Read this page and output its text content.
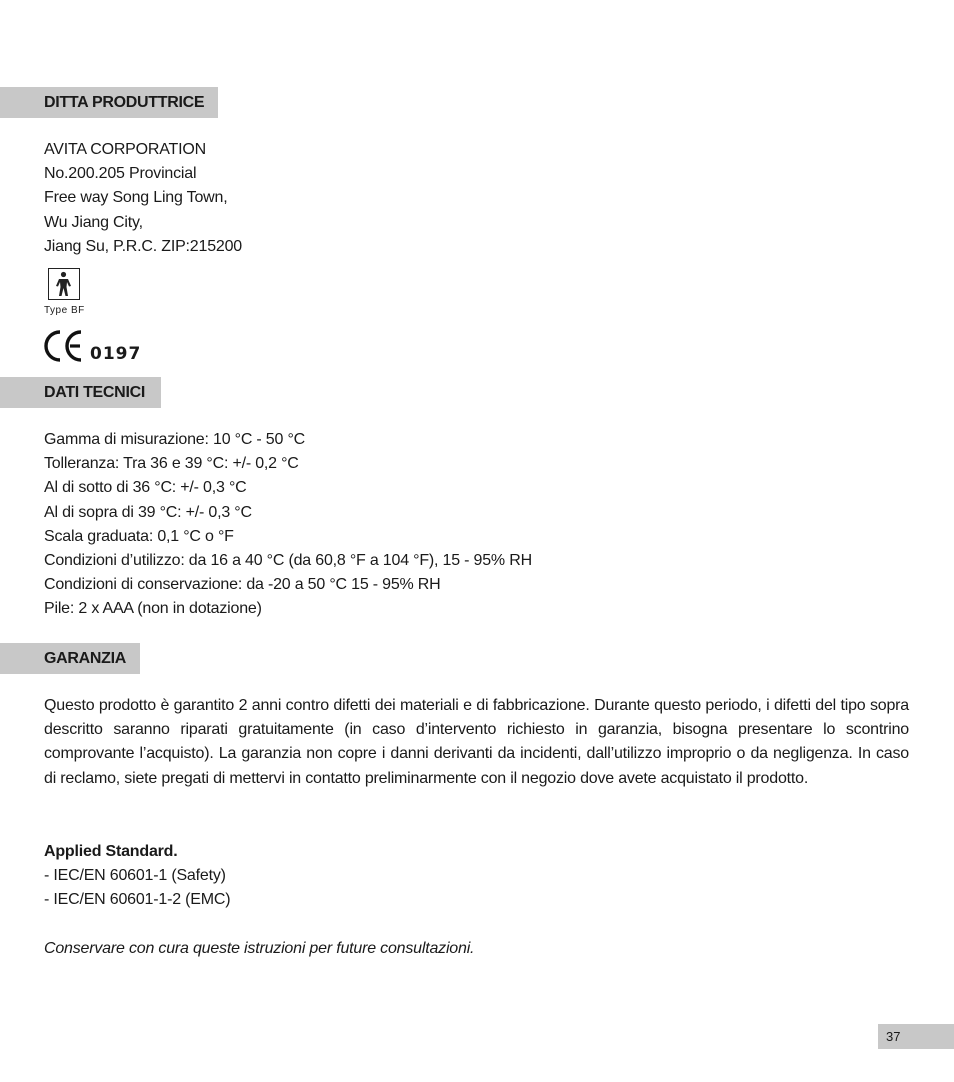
DITTA PRODUTTRICE
AVITA CORPORATION
No.200.205 Provincial
Free way Song Ling Town,
Wu Jiang City,
Jiang Su, P.R.C. ZIP:215200
Type BF
0197
DATI TECNICI
Gamma di misurazione: 10 °C - 50 °C
Tolleranza: Tra 36 e 39 °C: +/- 0,2 °C
Al di sotto di 36 °C: +/- 0,3 °C
Al di sopra di 39 °C: +/- 0,3 °C
Scala graduata: 0,1 °C o °F
Condizioni d’utilizzo: da 16 a 40 °C (da 60,8 °F a 104 °F), 15 - 95% RH
Condizioni di conservazione: da -20 a 50 °C 15 - 95% RH
Pile: 2 x AAA (non in dotazione)
GARANZIA
Questo prodotto è garantito 2 anni contro difetti dei materiali e di fabbricazione. Durante questo periodo, i difetti del tipo sopra descritto saranno riparati gratuitamente (in caso d’intervento richiesto in garanzia, bisogna presentare lo scontrino comprovante l’acquisto). La garanzia non copre i danni derivanti da incidenti, dall’utilizzo improprio o da negligenza. In caso di reclamo, siete pregati di mettervi in contatto preliminarmente con il negozio dove avete acquistato il prodotto.
Applied Standard.
- IEC/EN 60601-1 (Safety)
- IEC/EN 60601-1-2 (EMC)
Conservare con cura queste istruzioni per future consultazioni.
37
